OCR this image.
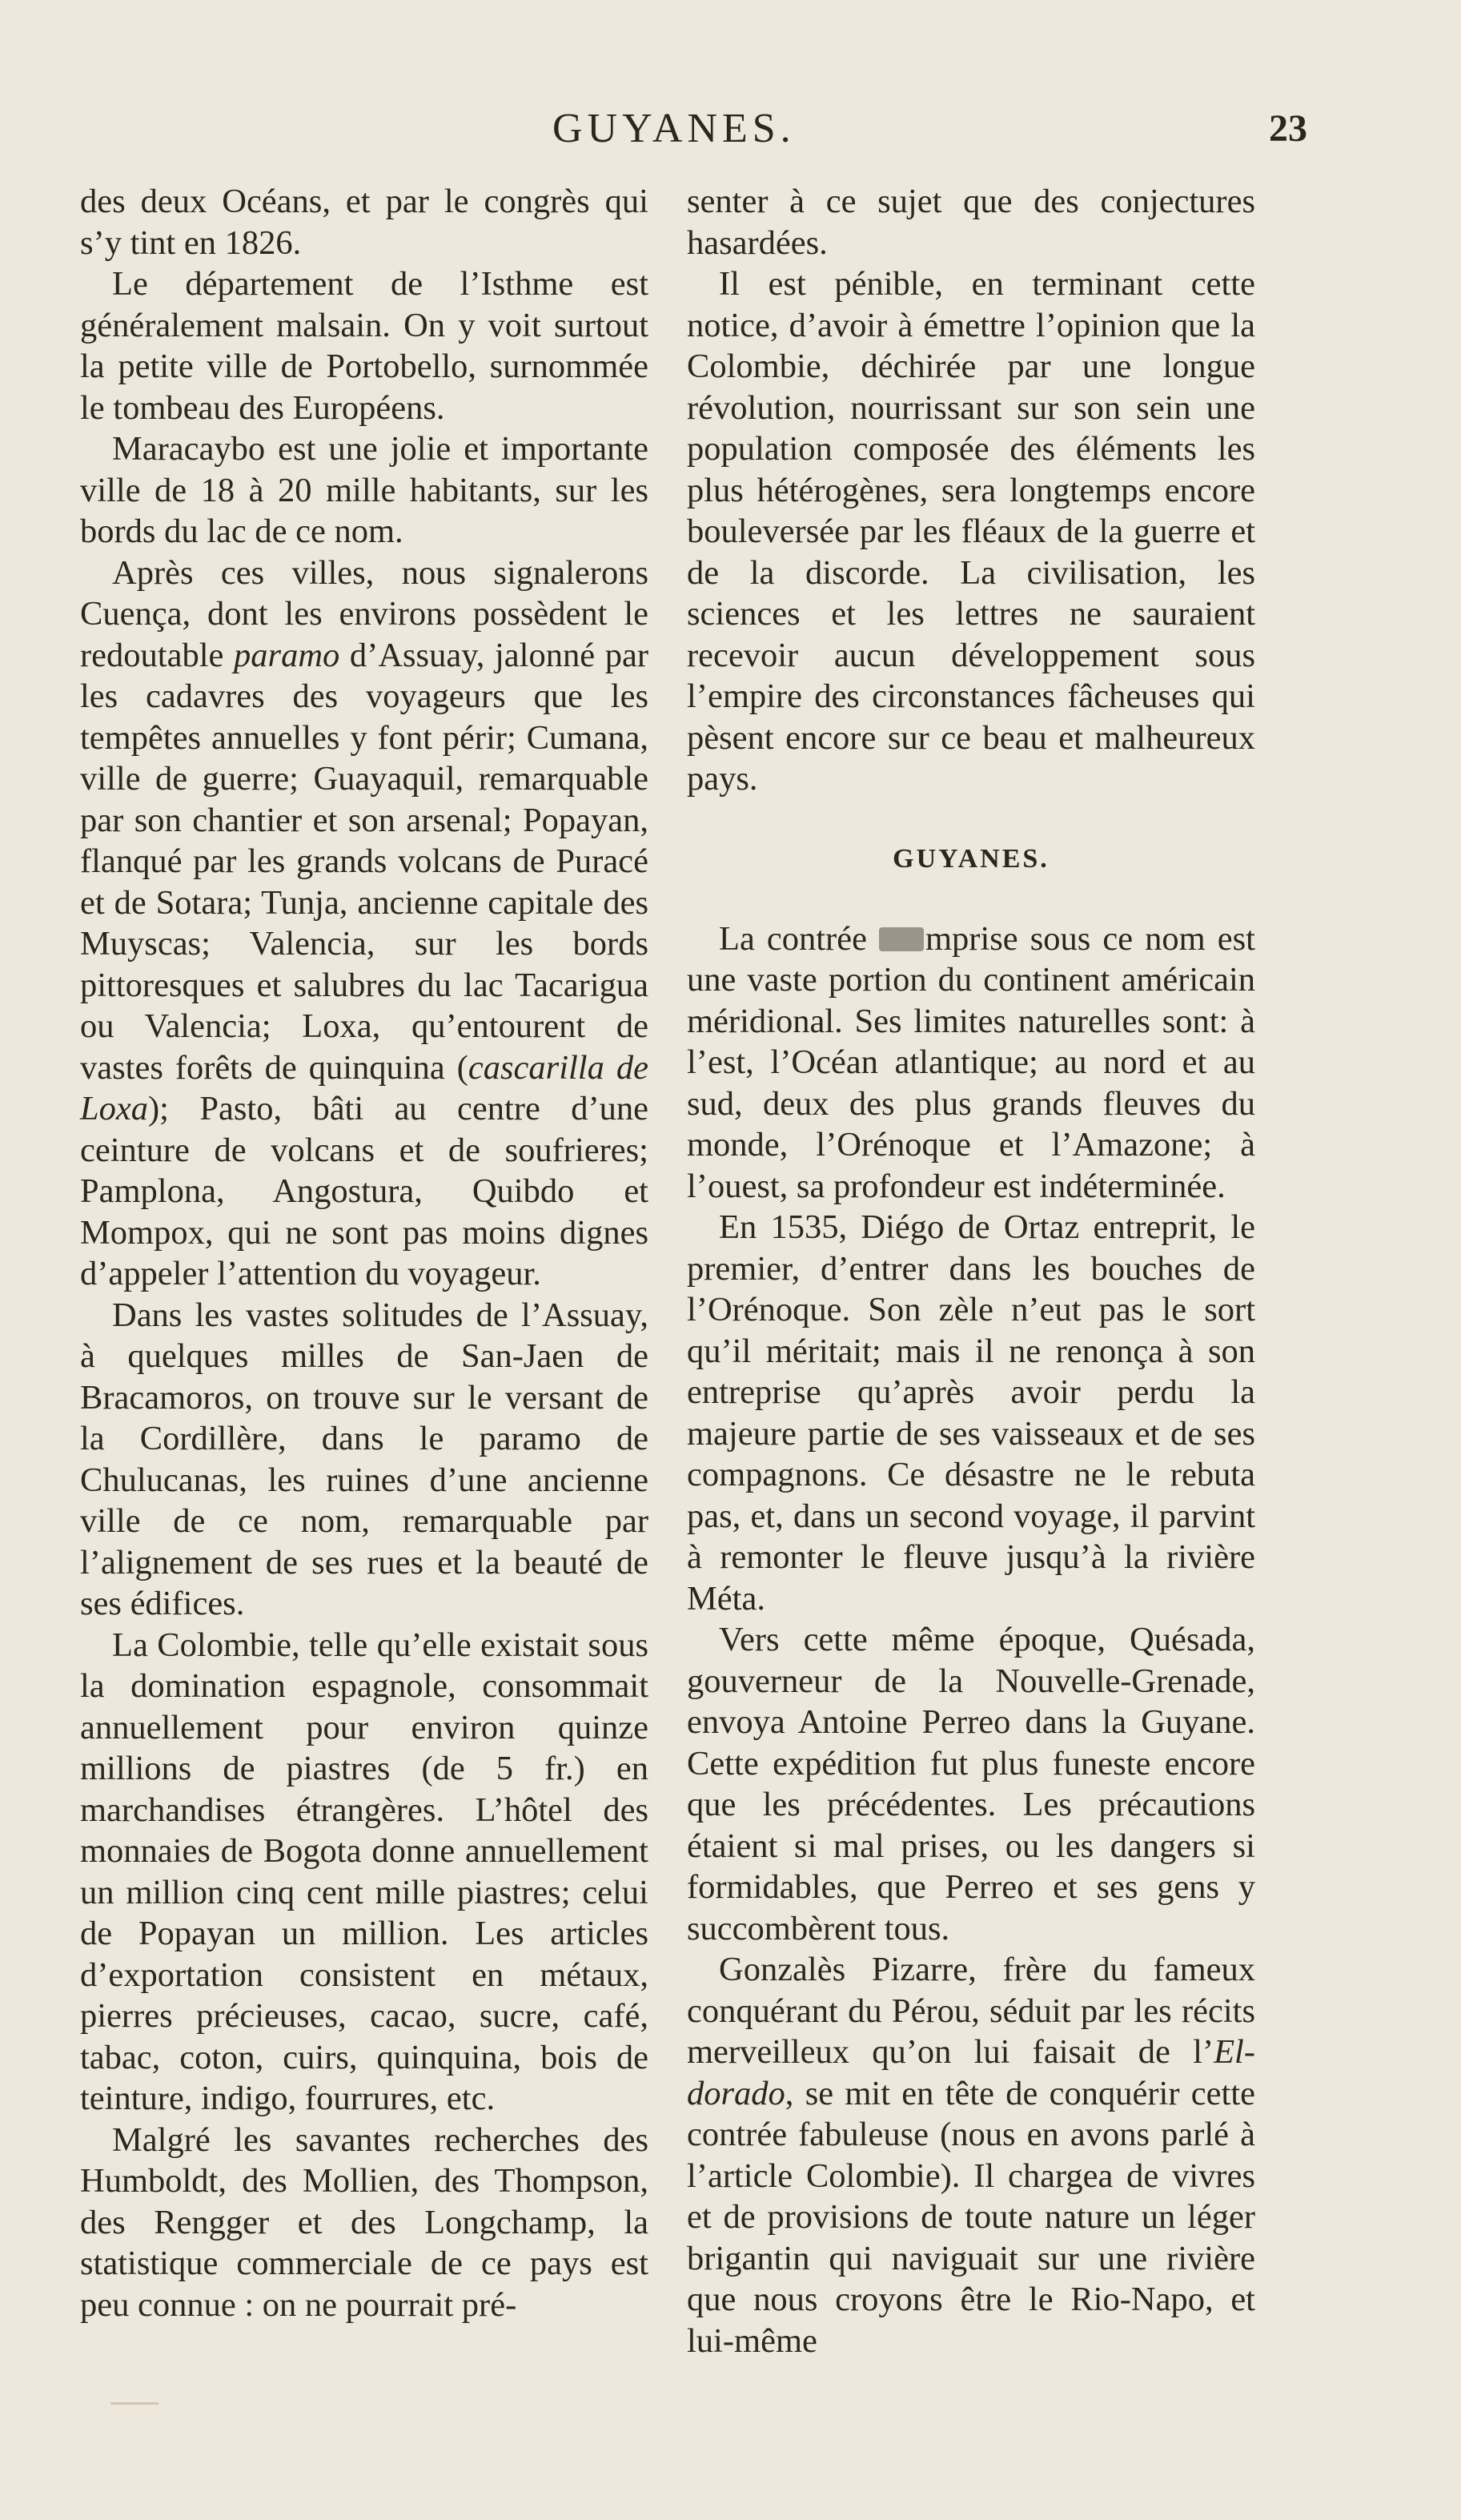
GUYANES.	23

des deux Océans, et par le congrès qui s’y tint en 1826.

Le département de l’Isthme est généralement malsain. On y voit surtout la petite ville de Portobello, surnommée le tombeau des Européens.

Maracaybo est une jolie et importante ville de 18 à 20 mille habitants, sur les bords du lac de ce nom.

Après ces villes, nous signalerons Cuença, dont les environs possèdent le redoutable paramo d’Assuay, jalonné par les cadavres des voyageurs que les tempêtes annuelles y font périr; Cumana, ville de guerre; Guayaquil, remarquable par son chantier et son arsenal; Popayan, flanqué par les grands volcans de Puracé et de Sotara; Tunja, ancienne capitale des Muyscas; Valencia, sur les bords pittoresques et salubres du lac Tacarigua ou Valencia; Loxa, qu’entourent de vastes forêts de quinquina (cascarilla de Loxa); Pasto, bâti au centre d’une ceinture de volcans et de soufrieres; Pamplona, Angostura, Quibdo et Mompox, qui ne sont pas moins dignes d’appeler l’attention du voyageur.

Dans les vastes solitudes de l’Assuay, à quelques milles de San-Jaen de Bracamoros, on trouve sur le versant de la Cordillère, dans le paramo de Chulucanas, les ruines d’une ancienne ville de ce nom, remarquable par l’alignement de ses rues et la beauté de ses édifices.

La Colombie, telle qu’elle existait sous la domination espagnole, consommait annuellement pour environ quinze millions de piastres (de 5 fr.) en marchandises étrangères. L’hôtel des monnaies de Bogota donne annuellement un million cinq cent mille piastres; celui de Popayan un million. Les articles d’exportation consistent en métaux, pierres précieuses, cacao, sucre, café, tabac, coton, cuirs, quinquina, bois de teinture, indigo, fourrures, etc.

Malgré les savantes recherches des Humboldt, des Mollien, des Thompson, des Rengger et des Longchamp, la statistique commerciale de ce pays est peu connue : on ne pourrait pré-

senter à ce sujet que des conjectures hasardées.

Il est pénible, en terminant cette notice, d’avoir à émettre l’opinion que la Colombie, déchirée par une longue révolution, nourrissant sur son sein une population composée des éléments les plus hétérogènes, sera longtemps encore bouleversée par les fléaux de la guerre et de la discorde. La civilisation, les sciences et les lettres ne sauraient recevoir aucun développement sous l’empire des circonstances fâcheuses qui pèsent encore sur ce beau et malheureux pays.

GUYANES.

La contrée mprise sous ce nom est une vaste portion du continent américain méridional. Ses limites naturelles sont: à l’est, l’Océan atlantique; au nord et au sud, deux des plus grands fleuves du monde, l’Orénoque et l’Amazone; à l’ouest, sa profondeur est indéterminée.

En 1535, Diégo de Ortaz entreprit, le premier, d’entrer dans les bouches de l’Orénoque. Son zèle n’eut pas le sort qu’il méritait; mais il ne renonça à son entreprise qu’après avoir perdu la majeure partie de ses vaisseaux et de ses compagnons. Ce désastre ne le rebuta pas, et, dans un second voyage, il parvint à remonter le fleuve jusqu’à la rivière Méta.

Vers cette même époque, Quésada, gouverneur de la Nouvelle-Grenade, envoya Antoine Perreo dans la Guyane. Cette expédition fut plus funeste encore que les précédentes. Les précautions étaient si mal prises, ou les dangers si formidables, que Perreo et ses gens y succombèrent tous.

Gonzalès Pizarre, frère du fameux conquérant du Pérou, séduit par les récits merveilleux qu’on lui faisait de l’El-dorado, se mit en tête de conquérir cette contrée fabuleuse (nous en avons parlé à l’article Colombie). Il chargea de vivres et de provisions de toute nature un léger brigantin qui naviguait sur une rivière que nous croyons être le Rio-Napo, et lui-même
